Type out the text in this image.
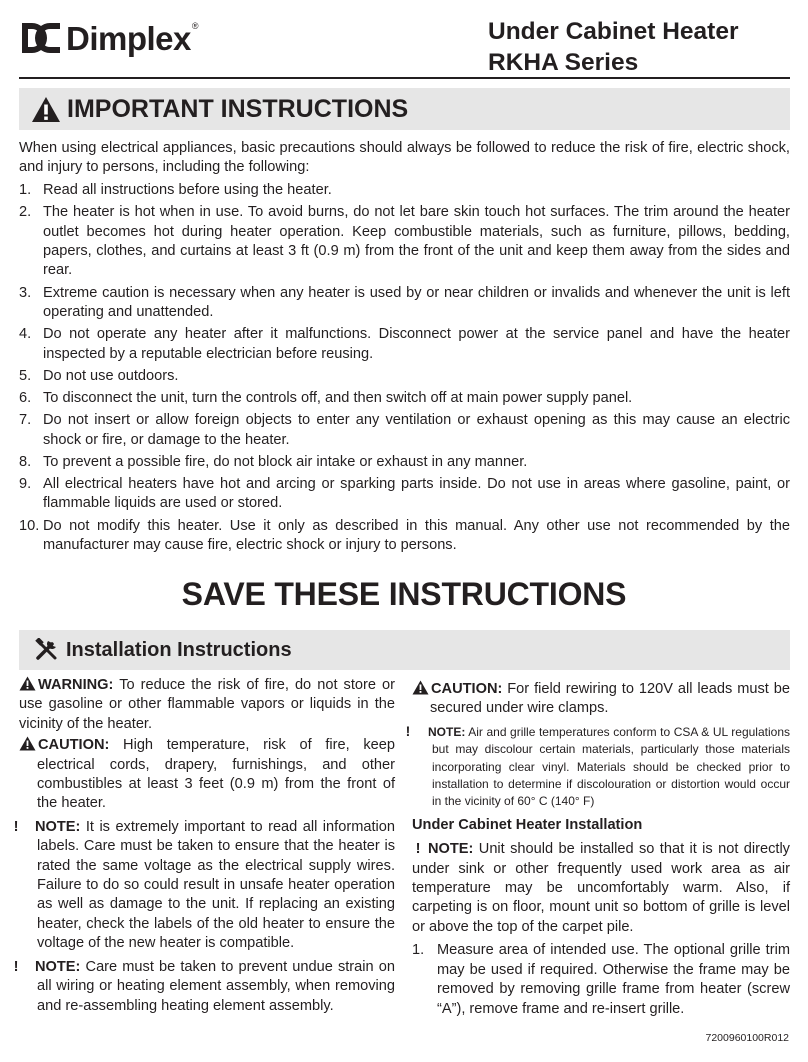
Dimplex ®	Under Cabinet Heater
RKHA Series
IMPORTANT INSTRUCTIONS

When using electrical appliances, basic precautions should always be followed to reduce the risk of fire, electric shock, and injury to persons, including the following:

1. Read all instructions before using the heater.
2. The heater is hot when in use. To avoid burns, do not let bare skin touch hot surfaces. The trim around the heater outlet becomes hot during heater operation. Keep combustible materials, such as furniture, pillows, bedding, papers, clothes, and curtains at least 3 ft (0.9 m) from the front of the unit and keep them away from the sides and rear.
3. Extreme caution is necessary when any heater is used by or near children or invalids and whenever the unit is left operating and unattended.
4. Do not operate any heater after it malfunctions. Disconnect power at the service panel and have the heater inspected by a reputable electrician before reusing.
5. Do not use outdoors.
6. To disconnect the unit, turn the controls off, and then switch off at main power supply panel.
7. Do not insert or allow foreign objects to enter any ventilation or exhaust opening as this may cause an electric shock or fire, or damage to the heater.
8. To prevent a possible fire, do not block air intake or exhaust in any manner.
9. All electrical heaters have hot and arcing or sparking parts inside. Do not use in areas where gasoline, paint, or flammable liquids are used or stored.
10. Do not modify this heater. Use it only as described in this manual. Any other use not recommended by the manufacturer may cause fire, electric shock or injury to persons.
SAVE THESE INSTRUCTIONS
Installation Instructions

WARNING: To reduce the risk of fire, do not store or use gasoline or other flammable vapors or liquids in the vicinity of the heater.

CAUTION: High temperature, risk of fire, keep electrical cords, drapery, furnishings, and other combustibles at least 3 feet (0.9 m) from the front of the heater.

! NOTE: It is extremely important to read all information labels. Care must be taken to ensure that the heater is rated the same voltage as the electrical supply wires. Failure to do so could result in unsafe heater operation as well as damage to the unit. If replacing an existing heater, check the labels of the old heater to ensure the voltage of the new heater is compatible.

! NOTE: Care must be taken to prevent undue strain on all wiring or heating element assembly, when removing and re-assembling heating element assembly.

CAUTION: For field rewiring to 120V all leads must be secured under wire clamps.

! NOTE: Air and grille temperatures conform to CSA & UL regulations but may discolour certain materials, particularly those materials incorporating clear vinyl. Materials should be checked prior to installation to determine if discolouration or distortion would occur in the vicinity of 60° C (140° F)

Under Cabinet Heater Installation

! NOTE: Unit should be installed so that it is not directly under sink or other frequently used work area as air temperature may be uncomfortably warm. Also, if carpeting is on floor, mount unit so bottom of grille is level or above the top of the carpet pile.

1. Measure area of intended use. The optional grille trim may be used if required. Otherwise the frame may be removed by removing grille frame from heater (screw “A”), remove frame and re-insert grille.

7200960100R012
